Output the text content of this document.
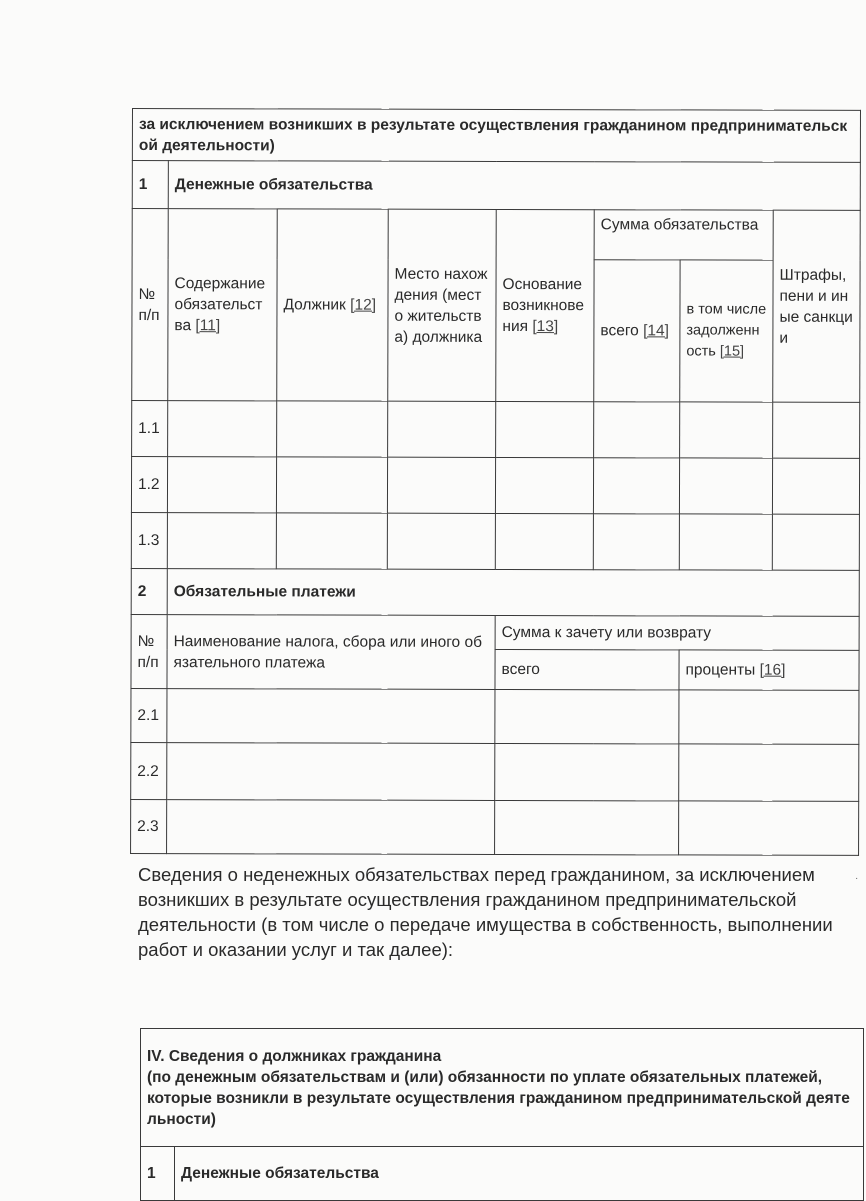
за исключением возникших в результате осуществления гражданином предпринимательской деятельности)							
1	Денежные обязательства						
№ п/п	Содержание обязательства [11]	Должник [12]	Место нахождения (место жительства) должника	Основание возникновения [13]	Сумма обязательства		Штрафы, пени и иные санкции
					всего [14]	в том числе задолженность [15]	
1.1							
1.2							
1.3							
2	Обязательные платежи						
№ п/п	Наименование налога, сбора или иного обязательного платежа			Сумма к зачету или возврату			
				всего		проценты [16]	
2.1							
2.2							
2.3							
Сведения о неденежных обязательствах перед гражданином, за исключением возникших в результате осуществления гражданином предпринимательской деятельности (в том числе о передаче имущества в собственность, выполнении работ и оказании услуг и так далее):
·
IV. Сведения о должниках гражданина
(по денежным обязательствам и (или) обязанности по уплате обязательных платежей,
которые возникли в результате осуществления гражданином предпринимательской деятельности)

1	Денежные обязательства
